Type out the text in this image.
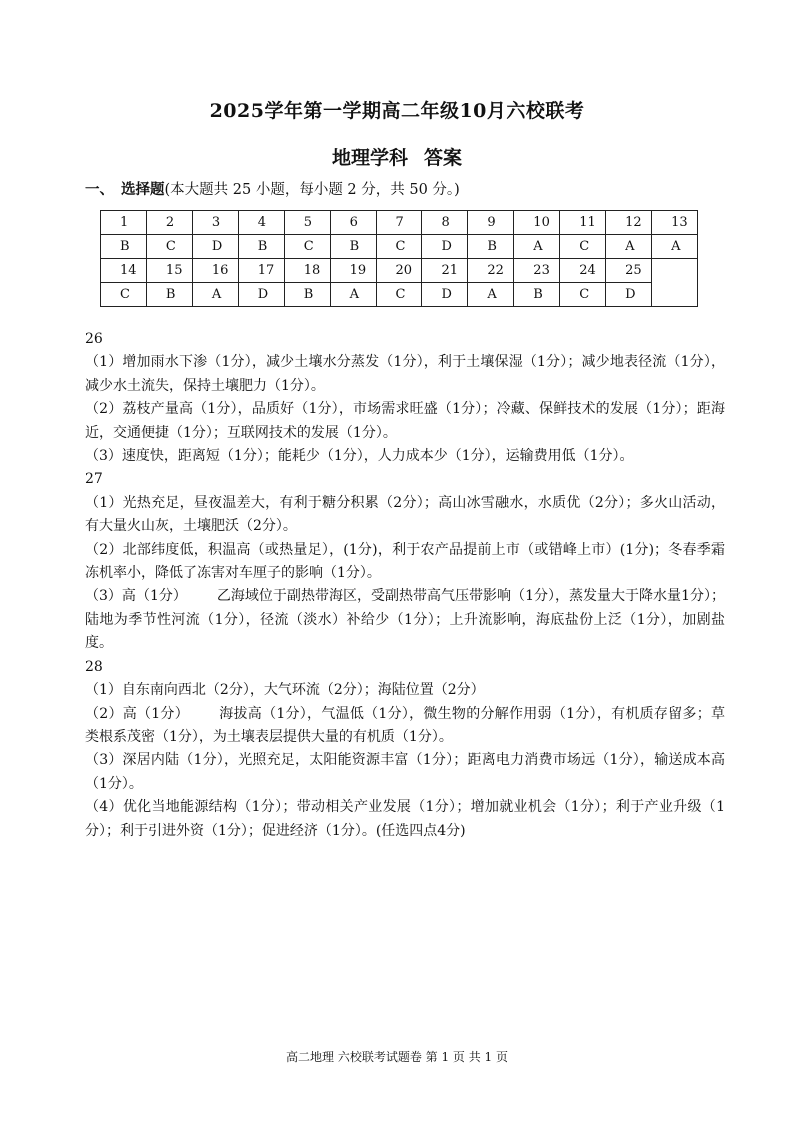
2025学年第一学期高二年级10月六校联考
地理学科 答案
一、 选择题(本大题共 25 小题，每小题 2 分，共 50 分。)
1	2	3	4	5	6	7	8	9	10	11	12	13
B	C	D	B	C	B	C	D	B	A	C	A	A
14	15	16	17	18	19	20	21	22	23	24	25	
C	B	A	D	B	A	C	D	A	B	C	D	
26
（1）增加雨水下渗（1分），减少土壤水分蒸发（1分），利于土壤保湿（1分）；减少地表径流（1分），减少水土流失，保持土壤肥力（1分）。
（2）荔枝产量高（1分），品质好（1分），市场需求旺盛（1分）；冷藏、保鲜技术的发展（1分）；距海近，交通便捷（1分）；互联网技术的发展（1分）。
（3）速度快，距离短（1分）；能耗少（1分），人力成本少（1分），运输费用低（1分）。
27
（1）光热充足，昼夜温差大，有利于糖分积累（2分）；高山冰雪融水，水质优（2分）；多火山活动，有大量火山灰，土壤肥沃（2分）。
（2）北部纬度低，积温高（或热量足），(1分)，利于农产品提前上市（或错峰上市）(1分)；冬春季霜冻机率小，降低了冻害对车厘子的影响（1分）。
（3）高（1分） 乙海域位于副热带海区，受副热带高气压带影响（1分），蒸发量大于降水量1分）；陆地为季节性河流（1分），径流（淡水）补给少（1分）；上升流影响，海底盐份上泛（1分），加剧盐度。
28
（1）自东南向西北（2分），大气环流（2分）；海陆位置（2分）
（2）高（1分） 海拔高（1分），气温低（1分），微生物的分解作用弱（1分），有机质存留多；草类根系茂密（1分），为土壤表层提供大量的有机质（1分）。
（3）深居内陆（1分），光照充足，太阳能资源丰富（1分）；距离电力消费市场远（1分），输送成本高（1分）。
（4）优化当地能源结构（1分）；带动相关产业发展（1分）；增加就业机会（1分）；利于产业升级（1分）；利于引进外资（1分）；促进经济（1分）。(任选四点4分)
高二地理 六校联考试题卷 第 1 页 共 1 页
